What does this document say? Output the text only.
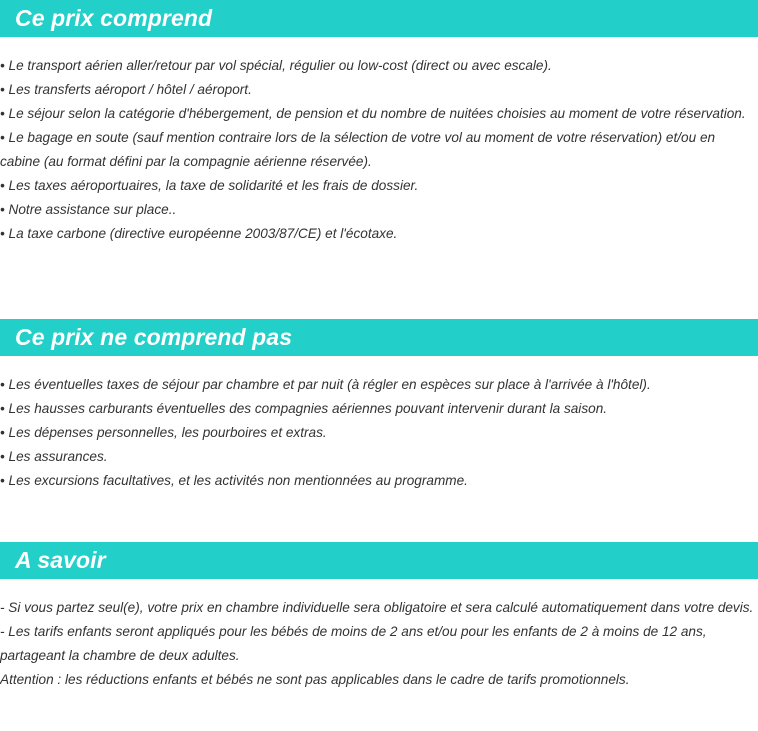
Ce prix comprend

• Le transport aérien aller/retour par vol spécial, régulier ou low-cost (direct ou avec escale).

• Les transferts aéroport / hôtel / aéroport.

• Le séjour selon la catégorie d'hébergement, de pension et du nombre de nuitées choisies au moment de votre réservation.

• Le bagage en soute (sauf mention contraire lors de la sélection de votre vol au moment de votre réservation) et/ou en cabine (au format défini par la compagnie aérienne réservée).

• Les taxes aéroportuaires, la taxe de solidarité et les frais de dossier.

• Notre assistance sur place..

• La taxe carbone (directive européenne 2003/87/CE) et l'écotaxe.

Ce prix ne comprend pas

• Les éventuelles taxes de séjour par chambre et par nuit (à régler en espèces sur place à l'arrivée à l'hôtel).

• Les hausses carburants éventuelles des compagnies aériennes pouvant intervenir durant la saison.

• Les dépenses personnelles, les pourboires et extras.

• Les assurances.

• Les excursions facultatives, et les activités non mentionnées au programme.

A savoir

- Si vous partez seul(e), votre prix en chambre individuelle sera obligatoire et sera calculé automatiquement dans votre devis.

- Les tarifs enfants seront appliqués pour les bébés de moins de 2 ans et/ou pour les enfants de 2 à moins de 12 ans, partageant la chambre de deux adultes.

Attention : les réductions enfants et bébés ne sont pas applicables dans le cadre de tarifs promotionnels.
